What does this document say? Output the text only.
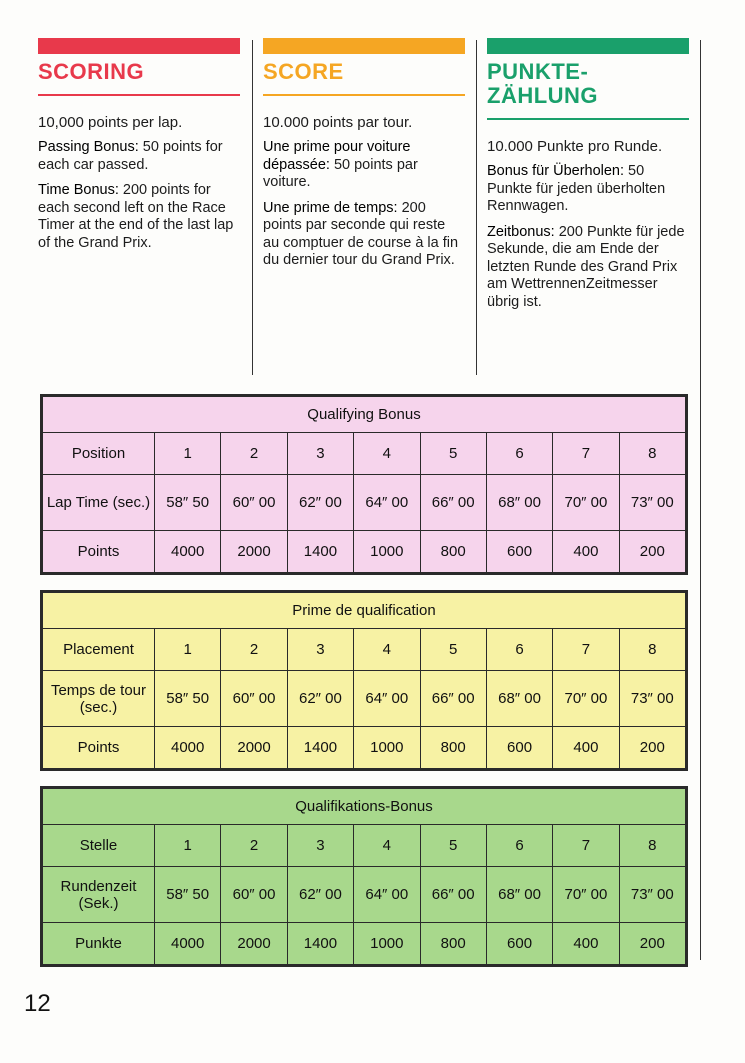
SCORING
10,000 points per lap.

Passing Bonus: 50 points for each car passed.

Time Bonus: 200 points for each second left on the Race Timer at the end of the last lap of the Grand Prix.

SCORE
10.000 points par tour.

Une prime pour voiture dépassée: 50 points par voiture.

Une prime de temps: 200 points par seconde qui reste au comptuer de course à la fin du dernier tour du Grand Prix.

PUNKTE-
ZÄHLUNG
10.000 Punkte pro Runde.

Bonus für Überholen: 50 Punkte für jeden überholten Rennwagen.

Zeitbonus: 200 Punkte für jede Sekunde, die am Ende der letzten Runde des Grand Prix am WettrennenZeitmesser übrig ist.

Qualifying Bonus								
Position	1	2	3	4	5	6	7	8
Lap Time (sec.)	58″ 50	60″ 00	62″ 00	64″ 00	66″ 00	68″ 00	70″ 00	73″ 00
Points	4000	2000	1400	1000	800	600	400	200
Prime de qualification								
Placement	1	2	3	4	5	6	7	8
Temps de tour (sec.)	58″ 50	60″ 00	62″ 00	64″ 00	66″ 00	68″ 00	70″ 00	73″ 00
Points	4000	2000	1400	1000	800	600	400	200
Qualifikations-Bonus								
Stelle	1	2	3	4	5	6	7	8
Rundenzeit (Sek.)	58″ 50	60″ 00	62″ 00	64″ 00	66″ 00	68″ 00	70″ 00	73″ 00
Punkte	4000	2000	1400	1000	800	600	400	200
12
